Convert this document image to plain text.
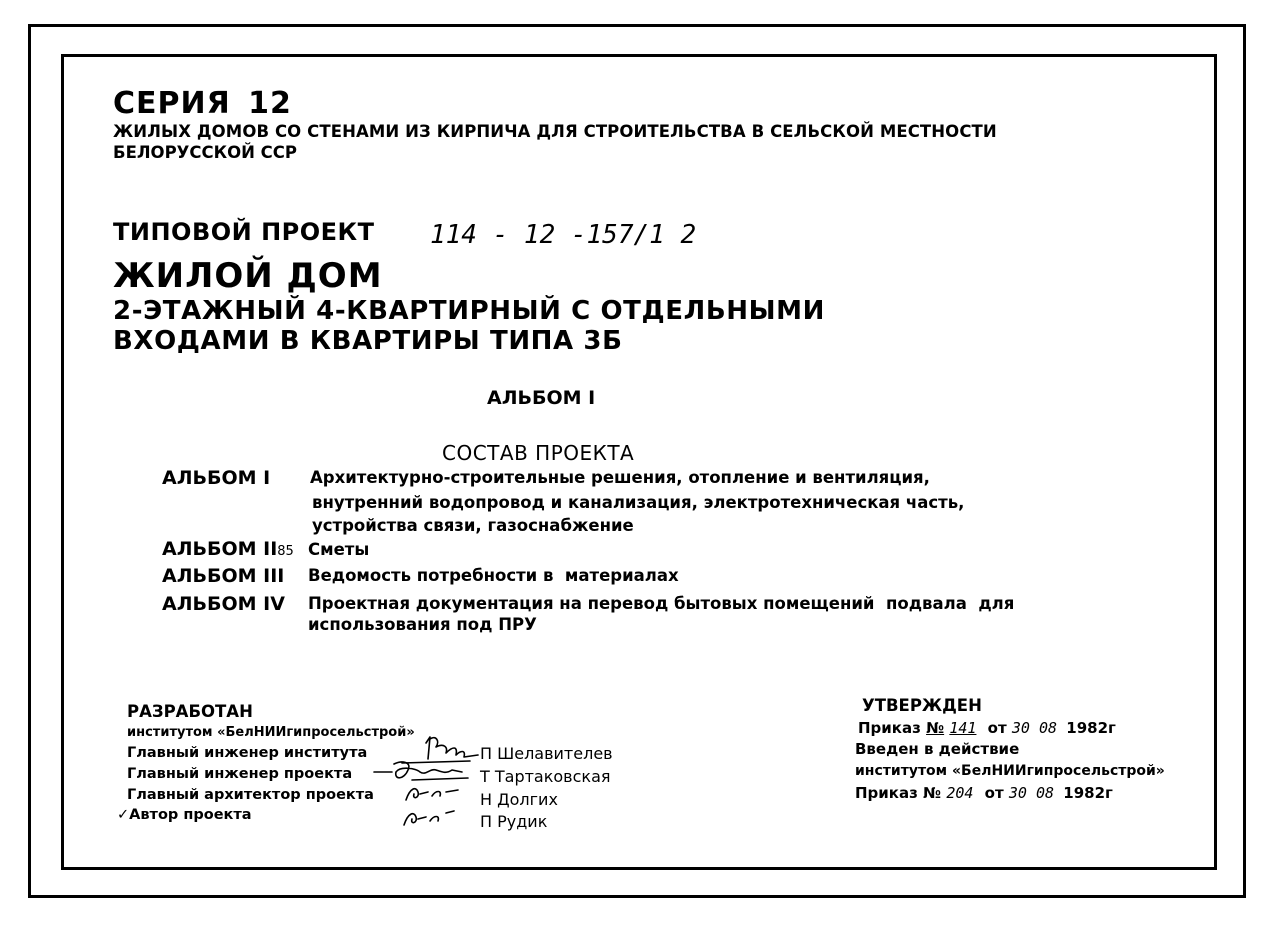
СЕРИЯ 12
ЖИЛЫХ ДОМОВ СО СТЕНАМИ ИЗ КИРПИЧА ДЛЯ СТРОИТЕЛЬСТВА В СЕЛЬСКОЙ МЕСТНОСТИ
БЕЛОРУССКОЙ ССР
ТИПОВОЙ ПРОЕКТ 114 - 12 -157/1 2
ЖИЛОЙ ДОМ
2-ЭТАЖНЫЙ 4-КВАРТИРНЫЙ С ОТДЕЛЬНЫМИ
ВХОДАМИ В КВАРТИРЫ ТИПА 3Б
АЛЬБОМ I
СОСТАВ ПРОЕКТА
АЛЬБОМ I Архитектурно-строительные решения, отопление и вентиляция,
внутренний водопровод и канализация, электротехническая часть,
устройства связи, газоснабжение
АЛЬБОМ II85 Сметы
АЛЬБОМ III Ведомость потребности в  материалах
АЛЬБОМ IV Проектная документация на перевод бытовых помещений  подвала  для
использования под ПРУ
РАЗРАБОТАН
институтом «БелНИИгипросельстрой»
Главный инженер института	П Шелавителев
Главный инженер проекта	Т Тартаковская
Главный архитектор проекта	Н Долгих
✓Автор проекта	П Рудик
УТВЕРЖДЕН
Приказ № 141 от 30 08 1982г
Введен в действие
институтом «БелНИИгипросельстрой»
Приказ № 204 от 30 08 1982г
